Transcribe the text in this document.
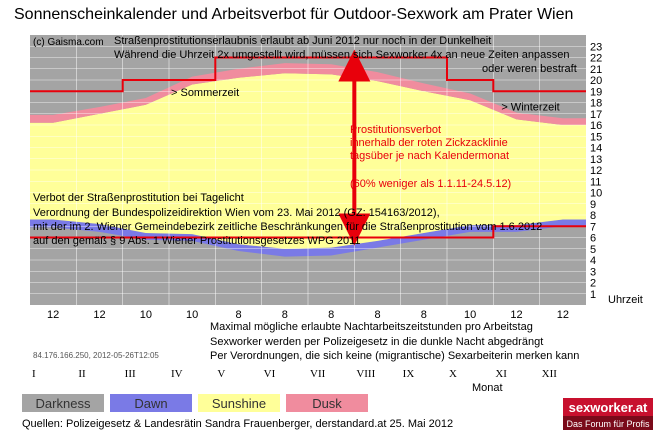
Sonnenscheinkalender und Arbeitsverbot für Outdoor-Sexwork am Prater Wien
1
2
3
4
5
6
7
8
9
10
11
12
13
14
15
16
17
18
19
20
21
22
23
Uhrzeit
(c) Gaisma.com Straßenprostitutionserlaubnis erlaubt ab Juni 2012 nur noch in der Dunkelheit
Während die Uhrzeit 2x umgestellt wird, müssen sich Sexworker 4x an neue Zeiten anpassen
oder weren bestraft
> Sommerzeit
> Winterzeit
Prostitutionsverbot
innerhalb der roten Zickzacklinie
tagsüber je nach Kalendermonat
(60% weniger als 1.1.11-24.5.12)
Verbot der Straßenprostitution bei Tagelicht
Verordnung der Bundespolizeidirektion Wien vom 23. Mai 2012 (GZ: 154163/2012),
mit der im 2. Wiener Gemeindebezirk zeitliche Beschränkungen für die Straßenprostitution vom 1.6.2012
auf den gemäß § 9 Abs. 1 Wiener Prostitutionsgesetzes WPG 2011
12	12	10	10	8	8	8	8	8	10	12	12
Maximal mögliche erlaubte Nachtarbeitszeitstunden pro Arbeitstag
Sexworker werden per Polizeigesetz in die dunkle Nacht abgedrängt
Per Verordnungen, die sich keine (migrantische) Sexarbeiterin merken kann
84.176.166.250, 2012-05-26T12:05
I	II	III	IV	V	VI	VII	VIII IX	X	XI	XII
Monat
Darkness	Dawn	Sunshine	Dusk	sexworker.at
Das Forum für Profis
Quellen: Polizeigesetz & Landesrätin Sandra Frauenberger, derstandard.at 25. Mai 2012
